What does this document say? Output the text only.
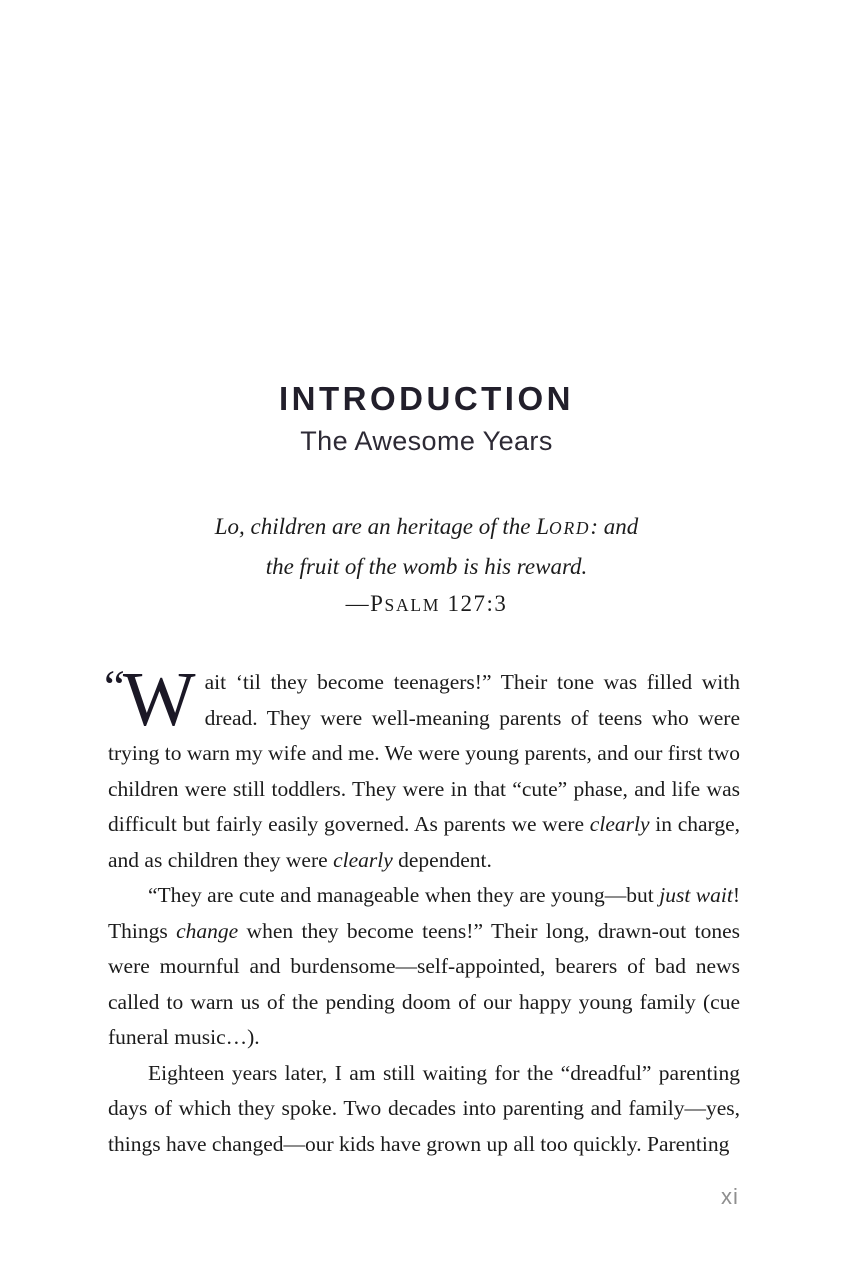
INTRODUCTION
The Awesome Years
Lo, children are an heritage of the LORD: and
the fruit of the womb is his reward.
—PSALM 127:3

“W ait ‘til they become teenagers!” Their tone was filled with dread. They were well-meaning parents of teens who were trying to warn my wife and me. We were young parents, and our first two children were still toddlers. They were in that “cute” phase, and life was difficult but fairly easily governed. As parents we were clearly in charge, and as children they were clearly dependent.

“They are cute and manageable when they are young—but just wait! Things change when they become teens!” Their long, drawn-out tones were mournful and burdensome—self-appointed, bearers of bad news called to warn us of the pending doom of our happy young family (cue funeral music…).

Eighteen years later, I am still waiting for the “dreadful” parenting days of which they spoke. Two decades into parenting and family—yes, things have changed—our kids have grown up all too quickly. Parenting

xi
